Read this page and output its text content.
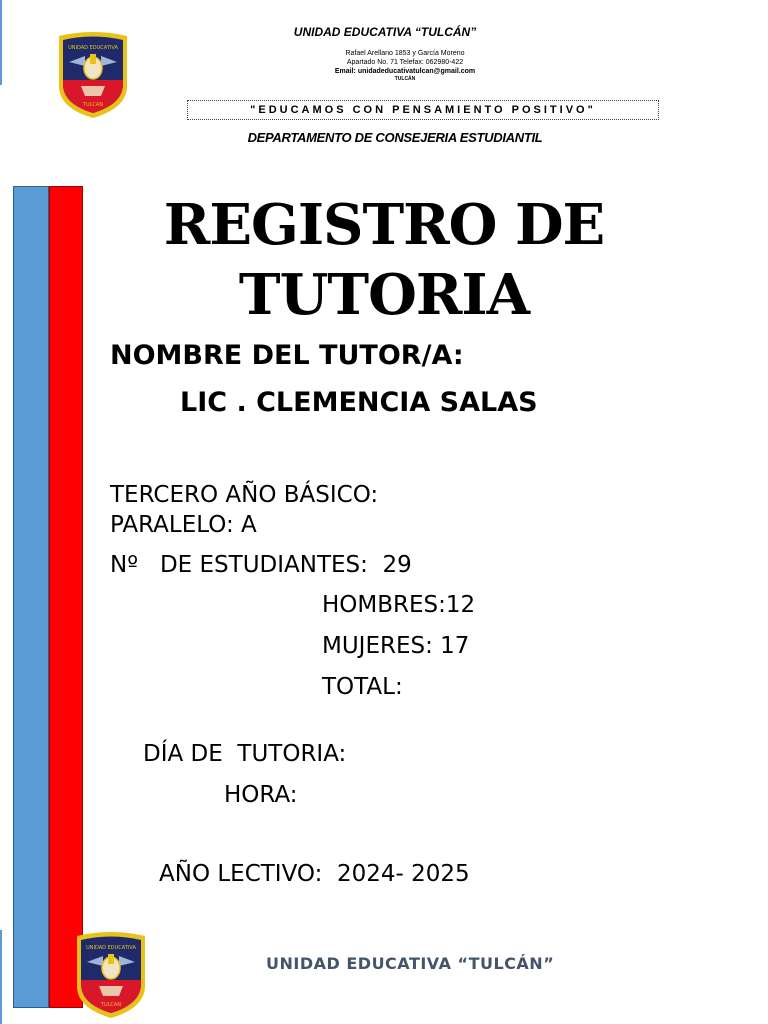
UNIDAD EDUCATIVA
TULCAN
UNIDAD EDUCATIVA “TULCÁN”
Rafael Arellano 1853 y García Moreno
Apartado No. 71 Telefax: 062980-422
Email: unidadeducativatulcan@gmail.com
TULCÁN
"EDUCAMOS CON PENSAMIENTO POSITIVO"
DEPARTAMENTO DE CONSEJERIA ESTUDIANTIL
REGISTRO DE
TUTORIA
NOMBRE DEL TUTOR/A:
LIC . CLEMENCIA SALAS
TERCERO AÑO BÁSICO:
PARALELO: A
Nº   DE ESTUDIANTES:  29
HOMBRES:12
MUJERES: 17
TOTAL:
DÍA DE  TUTORIA:
HORA:
AÑO LECTIVO:  2024- 2025
UNIDAD EDUCATIVA
TULCAN
UNIDAD EDUCATIVA “TULCÁN”
